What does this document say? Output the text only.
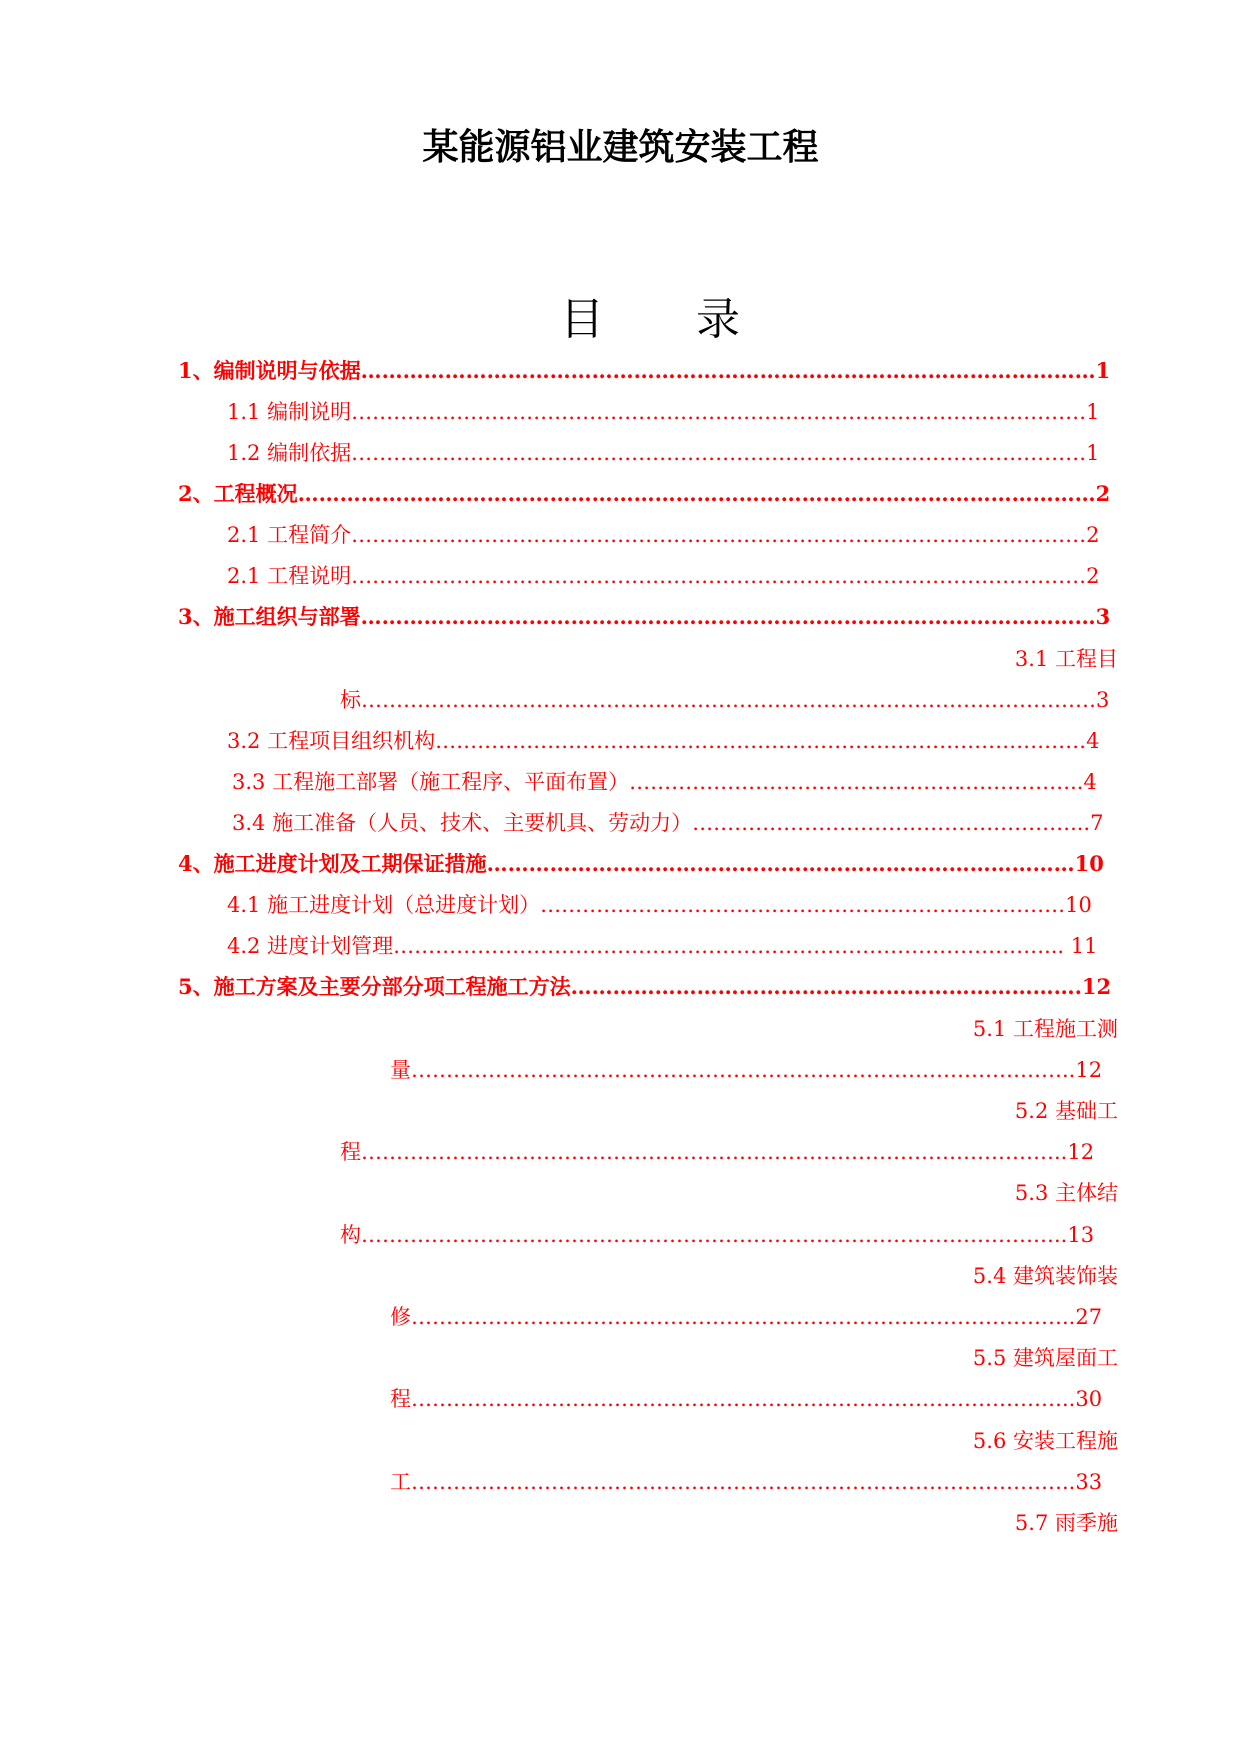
某能源铝业建筑安装工程
目 录
1、编制说明与依据……………………………………………………………………………………………1
1.1 编制说明……………………………………………………………………………………………1
1.2 编制依据……………………………………………………………………………………………1
2、工程概况……………………………………………………………………………………………………2
2.1 工程简介……………………………………………………………………………………………2
2.1 工程说明……………………………………………………………………………………………2
3、施工组织与部署……………………………………………………………………………………………3
3.1 工程目
标……………………………………………………………………………………………3
3.2 工程项目组织机构…………………………………………………………………………………4
3.3 工程施工部署（施工程序、平面布置）………………………………………………………..4
3.4 施工准备（人员、技术、主要机具、劳动力）………………………………………………...7
4、施工进度计划及工期保证措施…………………………………………………………………………10
4.1 施工进度计划（总进度计划）…………………………………………………………………10
4.2 进度计划管理…………………………………………………………………………………... 11
5、施工方案及主要分部分项工程施工方法……………………………………………………………….12
5.1 工程施工测
量…………………………………………………………………………………..12
5.2 基础工
程………………………………………………………………………………………..12
5.3 主体结
构………………………………………………………………………………………..13
5.4 建筑装饰装
修…………………………………………………………………………………..27
5.5 建筑屋面工
程…………………………………………………………………………………..30
5.6 安装工程施
工…………………………………………………………………………………..33
5.7 雨季施
